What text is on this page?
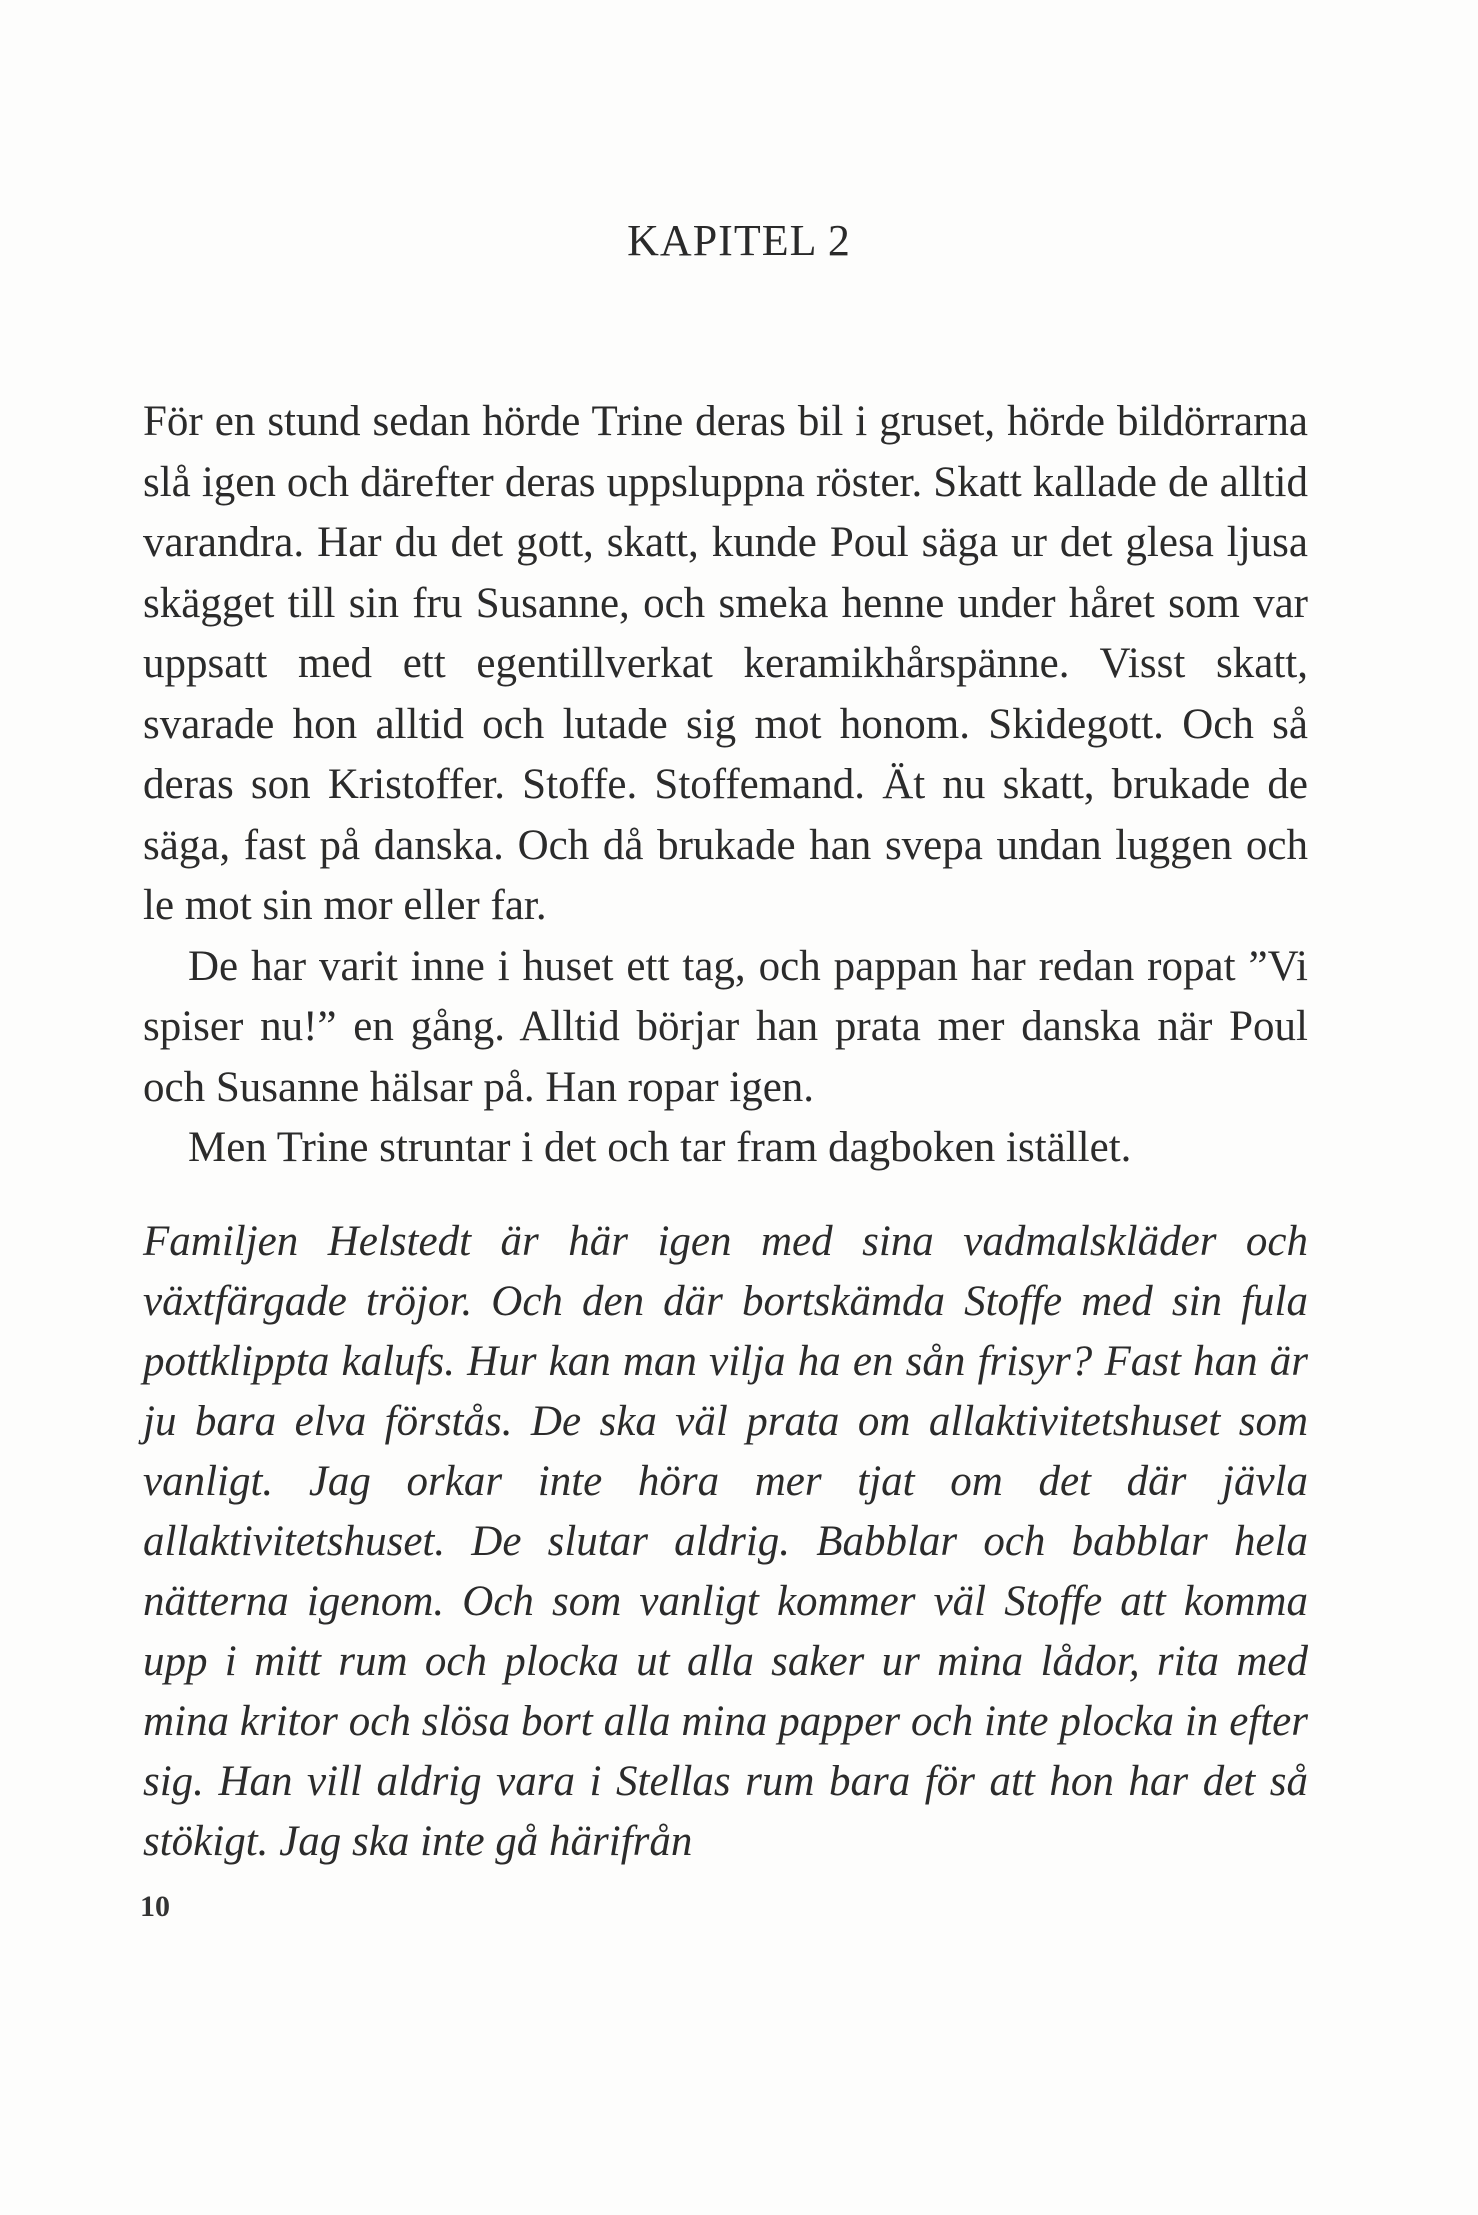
KAPITEL 2

För en stund sedan hörde Trine deras bil i gruset, hörde bildörrarna slå igen och därefter deras uppsluppna röster. Skatt kallade de alltid varandra. Har du det gott, skatt, kunde Poul säga ur det glesa ljusa skägget till sin fru Susanne, och smeka henne under håret som var uppsatt med ett egentillverkat keramikhårspänne. Visst skatt, svarade hon alltid och lutade sig mot honom. Skidegott. Och så deras son Kristoffer. Stoffe. Stoffemand. Ät nu skatt, brukade de säga, fast på danska. Och då brukade han svepa undan luggen och le mot sin mor eller far.

De har varit inne i huset ett tag, och pappan har redan ropat ”Vi spiser nu!” en gång. Alltid börjar han prata mer danska när Poul och Susanne hälsar på. Han ropar igen.

Men Trine struntar i det och tar fram dagboken istället.

Familjen Helstedt är här igen med sina vadmalskläder och växtfärgade tröjor. Och den där bortskämda Stoffe med sin fula pottklippta kalufs. Hur kan man vilja ha en sån frisyr? Fast han är ju bara elva förstås. De ska väl prata om allaktivitetshuset som vanligt. Jag orkar inte höra mer tjat om det där jävla allaktivitetshuset. De slutar aldrig. Babblar och babblar hela nätterna igenom. Och som vanligt kommer väl Stoffe att komma upp i mitt rum och plocka ut alla saker ur mina lådor, rita med mina kritor och slösa bort alla mina papper och inte plocka in efter sig. Han vill aldrig vara i Stellas rum bara för att hon har det så stökigt. Jag ska inte gå härifrån

10
